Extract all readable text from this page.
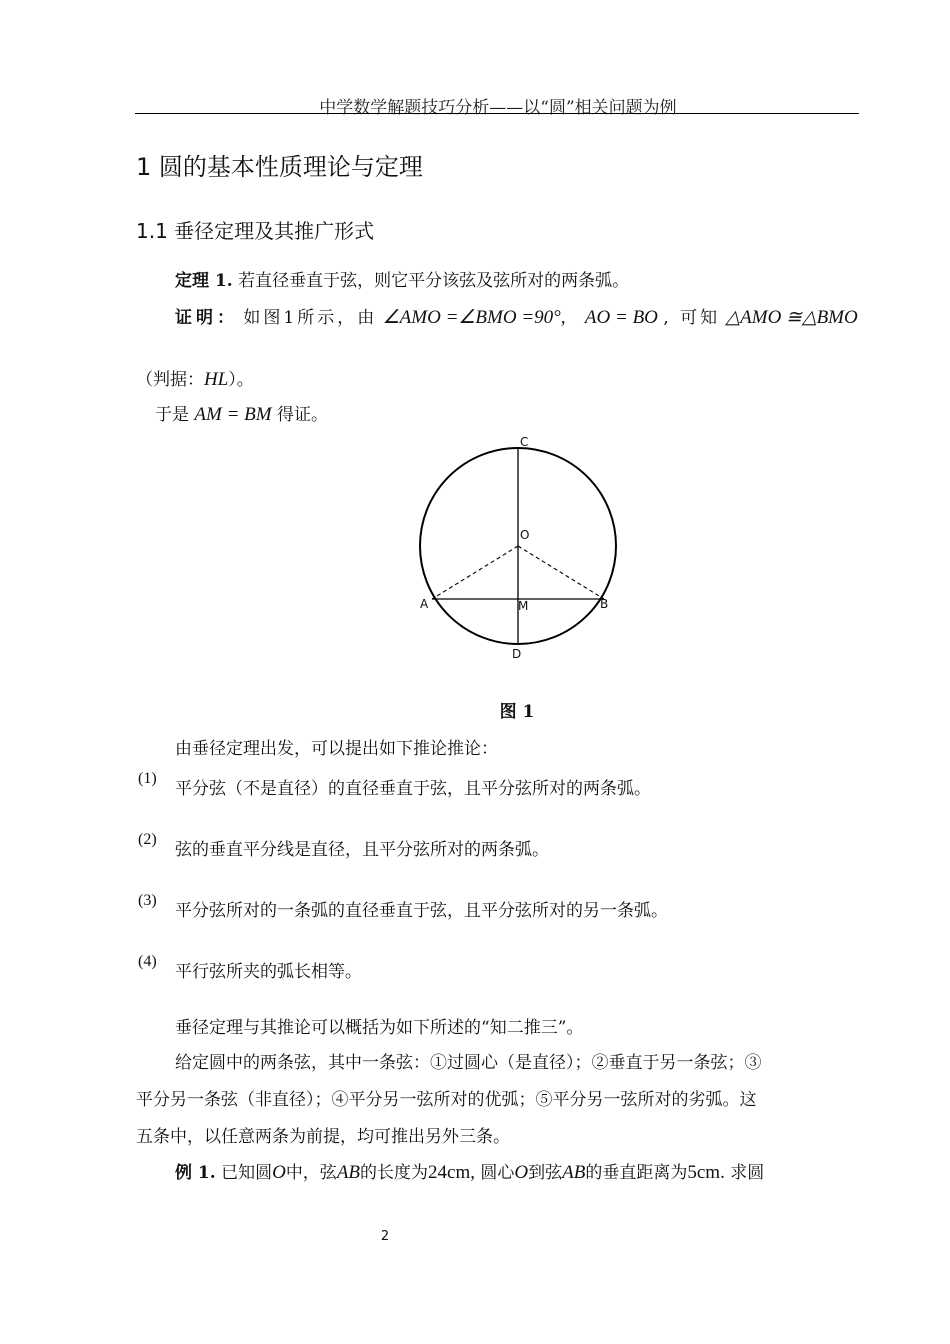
中学数学解题技巧分析——以“圆”相关问题为例
1 圆的基本性质理论与定理
1.1 垂径定理及其推广形式
定理 1. 若直径垂直于弦，则它平分该弦及弦所对的两条弧。
证明： 如图1所示，由 ∠AMO =∠BMO =90°, AO = BO , 可知 △AMO ≅△BMO
（判据：HL）。
于是 AM = BM 得证。
C
O
A	M	B
D
图 1
由垂径定理出发，可以提出如下推论推论：
(1)
平分弦（不是直径）的直径垂直于弦，且平分弦所对的两条弧。
(2)
弦的垂直平分线是直径，且平分弦所对的两条弧。
(3)
平分弦所对的一条弧的直径垂直于弦，且平分弦所对的另一条弧。
(4)
平行弦所夹的弧长相等。
垂径定理与其推论可以概括为如下所述的“知二推三”。
给定圆中的两条弦，其中一条弦：①过圆心（是直径）；②垂直于另一条弦；③
平分另一条弦（非直径）；④平分另一弦所对的优弧；⑤平分另一弦所对的劣弧。这
五条中，以任意两条为前提，均可推出另外三条。
例 1. 已知圆O中，弦AB的长度为24cm, 圆心O到弦AB的垂直距离为5cm. 求圆
2
